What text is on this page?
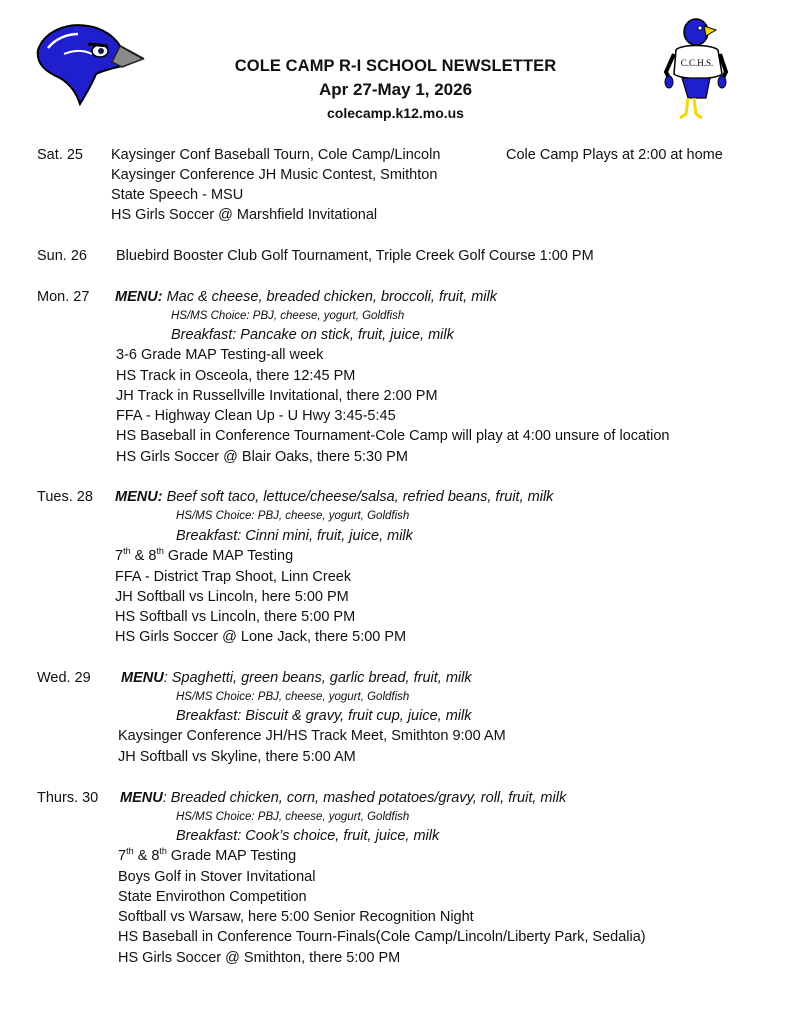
C.C.H.S.
COLE CAMP R-I SCHOOL NEWSLETTER
Apr 27-May 1, 2026
colecamp.k12.mo.us
Sat. 25 Kaysinger Conf Baseball Tourn, Cole Camp/Lincoln	Cole Camp Plays at 2:00 at home
Kaysinger Conference JH Music Contest, Smithton
State Speech - MSU
HS Girls Soccer @ Marshfield Invitational
Sun. 26 Bluebird Booster Club Golf Tournament, Triple Creek Golf Course 1:00 PM
Mon. 27 MENU: Mac & cheese, breaded chicken, broccoli, fruit, milk
HS/MS Choice: PBJ, cheese, yogurt, Goldfish
Breakfast: Pancake on stick, fruit, juice, milk
3-6 Grade MAP Testing-all week
HS Track in Osceola, there 12:45 PM
JH Track in Russellville Invitational, there 2:00 PM
FFA - Highway Clean Up - U Hwy 3:45-5:45
HS Baseball in Conference Tournament-Cole Camp will play at 4:00 unsure of location
HS Girls Soccer @ Blair Oaks, there 5:30 PM
Tues. 28 MENU: Beef soft taco, lettuce/cheese/salsa, refried beans, fruit, milk
HS/MS Choice: PBJ, cheese, yogurt, Goldfish
Breakfast: Cinni mini, fruit, juice, milk
7th & 8th Grade MAP Testing
FFA - District Trap Shoot, Linn Creek
JH Softball vs Lincoln, here 5:00 PM
HS Softball vs Lincoln, there 5:00 PM
HS Girls Soccer @ Lone Jack, there 5:00 PM
Wed. 29 MENU: Spaghetti, green beans, garlic bread, fruit, milk
HS/MS Choice: PBJ, cheese, yogurt, Goldfish
Breakfast: Biscuit & gravy, fruit cup, juice, milk
Kaysinger Conference JH/HS Track Meet, Smithton 9:00 AM
JH Softball vs Skyline, there 5:00 AM
Thurs. 30 MENU: Breaded chicken, corn, mashed potatoes/gravy, roll, fruit, milk
HS/MS Choice: PBJ, cheese, yogurt, Goldfish
Breakfast: Cook’s choice, fruit, juice, milk
7th & 8th Grade MAP Testing
Boys Golf in Stover Invitational
State Envirothon Competition
Softball vs Warsaw, here 5:00 Senior Recognition Night
HS Baseball in Conference Tourn-Finals(Cole Camp/Lincoln/Liberty Park, Sedalia)
HS Girls Soccer @ Smithton, there 5:00 PM
